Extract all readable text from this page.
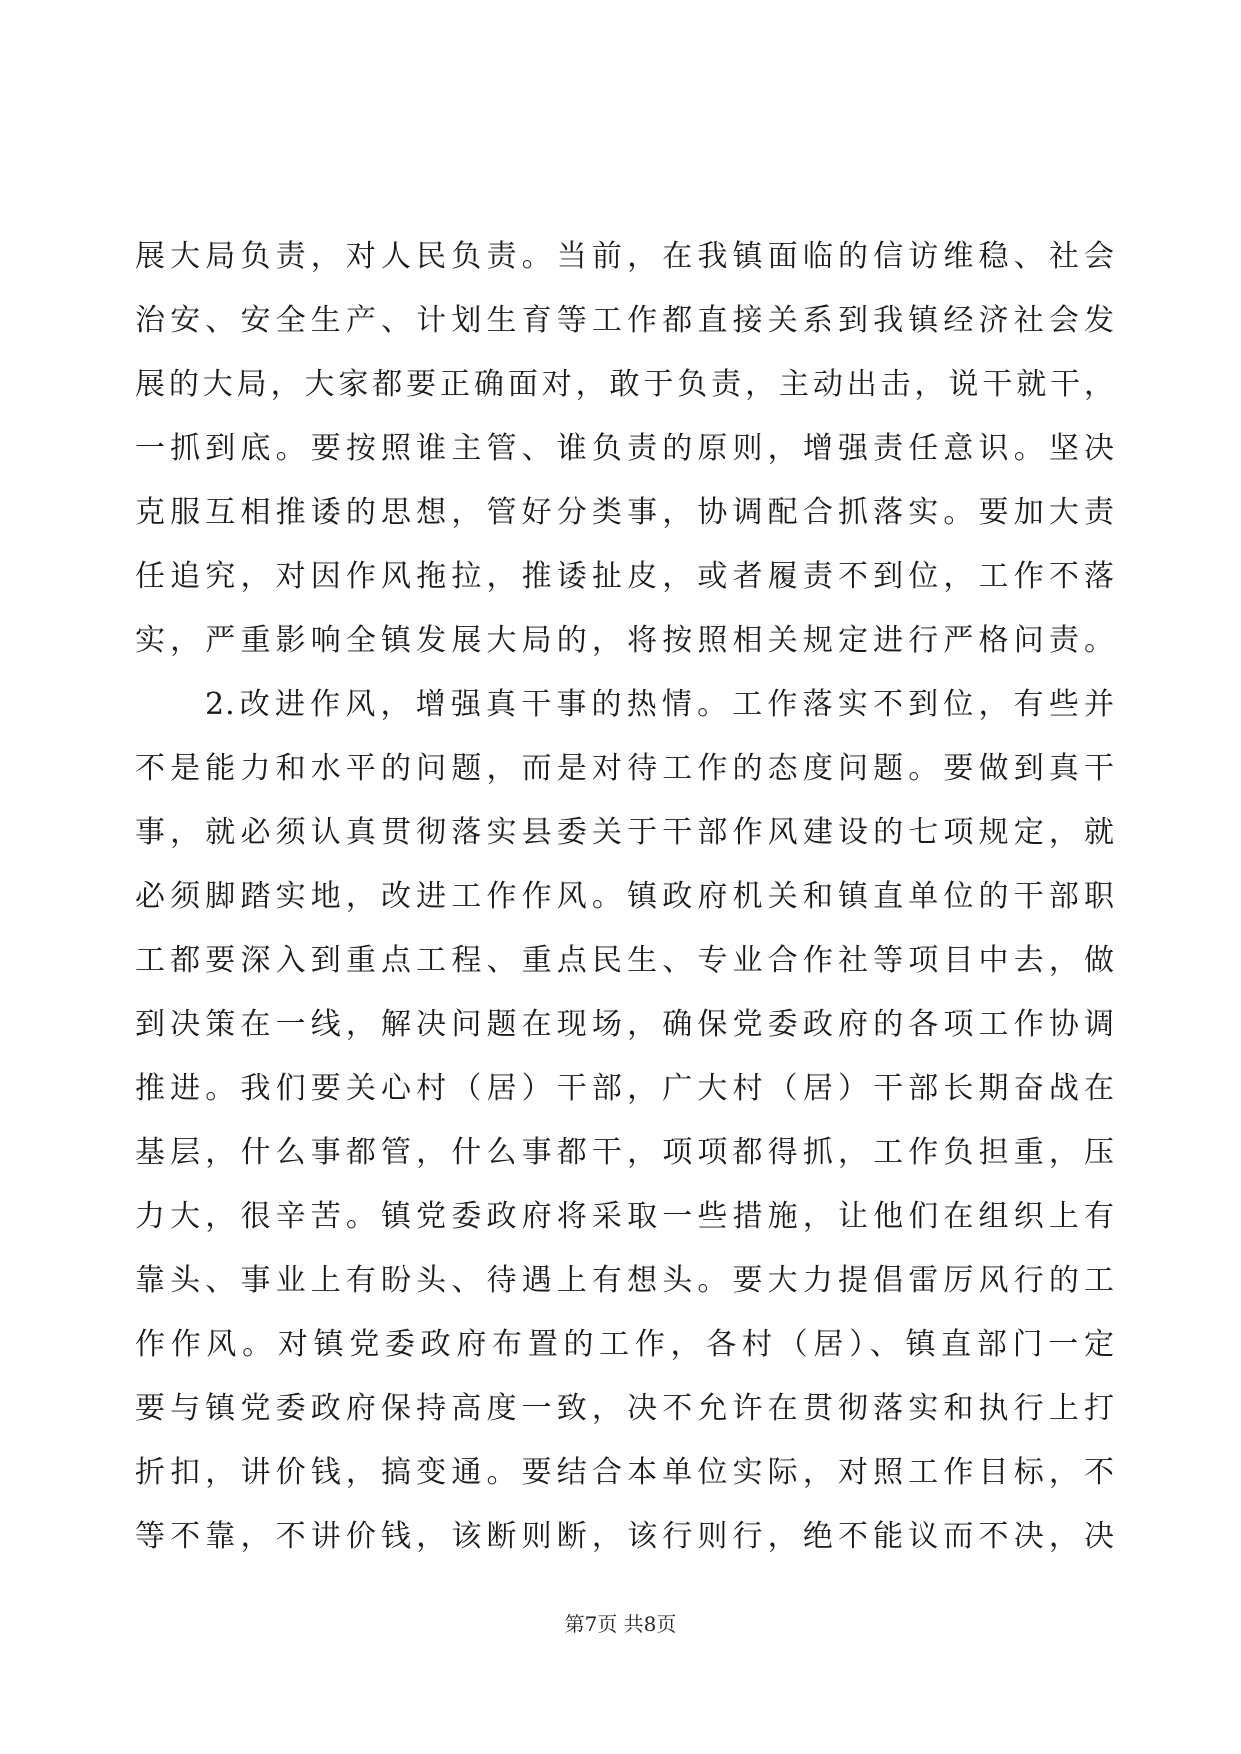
展大局负责，对人民负责。当前，在我镇面临的信访维稳、社会
治安、安全生产、计划生育等工作都直接关系到我镇经济社会发
展的大局，大家都要正确面对，敢于负责，主动出击，说干就干，
一抓到底。要按照谁主管、谁负责的原则，增强责任意识。坚决
克服互相推诿的思想，管好分类事，协调配合抓落实。要加大责
任追究，对因作风拖拉，推诿扯皮，或者履责不到位，工作不落
实，严重影响全镇发展大局的，将按照相关规定进行严格问责。
2.改进作风，增强真干事的热情。工作落实不到位，有些并
不是能力和水平的问题，而是对待工作的态度问题。要做到真干
事，就必须认真贯彻落实县委关于干部作风建设的七项规定，就
必须脚踏实地，改进工作作风。镇政府机关和镇直单位的干部职
工都要深入到重点工程、重点民生、专业合作社等项目中去，做
到决策在一线，解决问题在现场，确保党委政府的各项工作协调
推进。我们要关心村（居）干部，广大村（居）干部长期奋战在
基层，什么事都管，什么事都干，项项都得抓，工作负担重，压
力大，很辛苦。镇党委政府将采取一些措施，让他们在组织上有
靠头、事业上有盼头、待遇上有想头。要大力提倡雷厉风行的工
作作风。对镇党委政府布置的工作，各村（居）、镇直部门一定
要与镇党委政府保持高度一致，决不允许在贯彻落实和执行上打
折扣，讲价钱，搞变通。要结合本单位实际，对照工作目标，不
等不靠，不讲价钱，该断则断，该行则行，绝不能议而不决，决
第7页 共8页
